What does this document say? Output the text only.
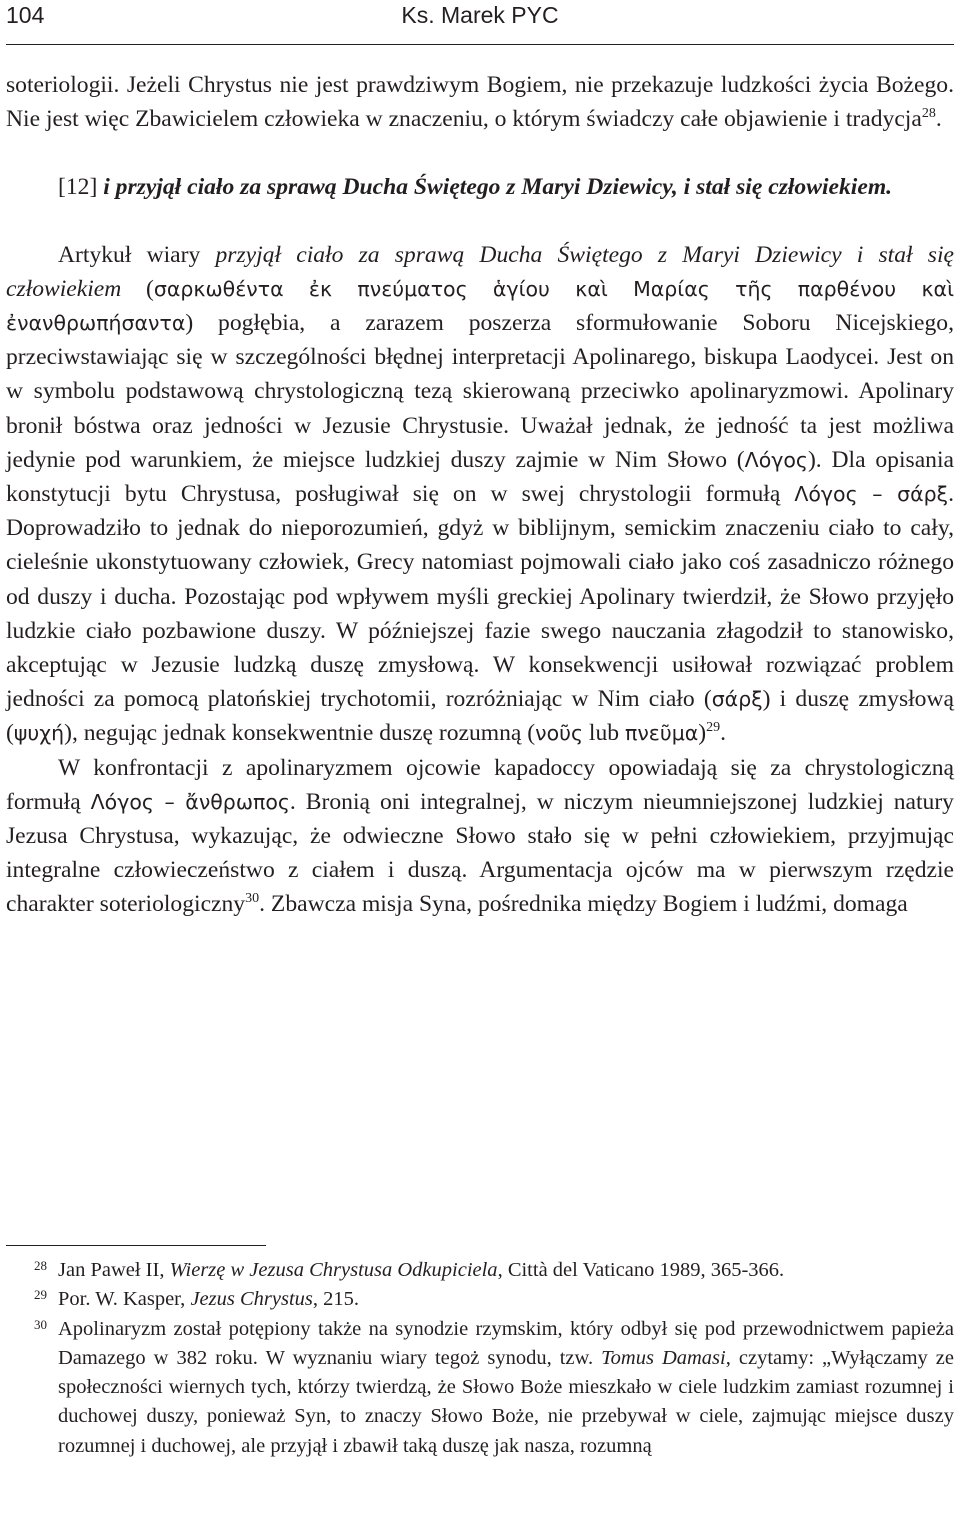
104	Ks. Marek PYC

soteriologii. Jeżeli Chrystus nie jest prawdziwym Bogiem, nie przekazuje ludzkości życia Bożego. Nie jest więc Zbawicielem człowieka w znaczeniu, o którym świadczy całe objawienie i tradycja$^{28}$.

[12] i przyjął ciało za sprawą Ducha Świętego z Maryi Dziewicy, i stał się człowiekiem.

Artykuł wiary przyjął ciało za sprawą Ducha Świętego z Maryi Dziewicy i stał się człowiekiem (σαρκωθέντα ἐκ πνεύματος ἁγίου καὶ Μαρίας τῆς παρθένου καὶ ἐνανθρωπήσαντα) pogłębia, a zarazem poszerza sformułowanie Soboru Nicejskiego, przeciwstawiając się w szczególności błędnej interpretacji Apolinarego, biskupa Laodycei. Jest on w symbolu podstawową chrystologiczną tezą skierowaną przeciwko apolinaryzmowi. Apolinary bronił bóstwa oraz jedności w Jezusie Chrystusie. Uważał jednak, że jedność ta jest możliwa jedynie pod warunkiem, że miejsce ludzkiej duszy zajmie w Nim Słowo (Λόγος). Dla opisania konstytucji bytu Chrystusa, posługiwał się on w swej chrystologii formułą Λόγος – σάρξ. Doprowadziło to jednak do nieporozumień, gdyż w biblijnym, semickim znaczeniu ciało to cały, cieleśnie ukonstytuowany człowiek, Grecy natomiast pojmowali ciało jako coś zasadniczo różnego od duszy i ducha. Pozostając pod wpływem myśli greckiej Apolinary twierdził, że Słowo przyjęło ludzkie ciało pozbawione duszy. W późniejszej fazie swego nauczania złagodził to stanowisko, akceptując w Jezusie ludzką duszę zmysłową. W konsekwencji usiłował rozwiązać problem jedności za pomocą platońskiej trychotomii, rozróżniając w Nim ciało (σάρξ) i duszę zmysłową (ψυχή), negując jednak konsekwentnie duszę rozumną (νοῦς lub πνεῦμα)$^{29}$.

W konfrontacji z apolinaryzmem ojcowie kapadoccy opowiadają się za chrystologiczną formułą Λόγος – ἄνθρωπος. Bronią oni integralnej, w niczym nieumniejszonej ludzkiej natury Jezusa Chrystusa, wykazując, że odwieczne Słowo stało się w pełni człowiekiem, przyjmując integralne człowieczeństwo z ciałem i duszą. Argumentacja ojców ma w pierwszym rzędzie charakter soteriologiczny$^{30}$. Zbawcza misja Syna, pośrednika między Bogiem i ludźmi, domaga

28 Jan Paweł II, Wierzę w Jezusa Chrystusa Odkupiciela, Città del Vaticano 1989, 365-366.
29 Por. W. Kasper, Jezus Chrystus, 215.
30 Apolinaryzm został potępiony także na synodzie rzymskim, który odbył się pod przewodnictwem papieża Damazego w 382 roku. W wyznaniu wiary tegoż synodu, tzw. Tomus Damasi, czytamy: „Wyłączamy ze społeczności wiernych tych, którzy twierdzą, że Słowo Boże mieszkało w ciele ludzkim zamiast rozumnej i duchowej duszy, ponieważ Syn, to znaczy Słowo Boże, nie przebywał w ciele, zajmując miejsce duszy rozumnej i duchowej, ale przyjął i zbawił taką duszę jak nasza, rozumną
